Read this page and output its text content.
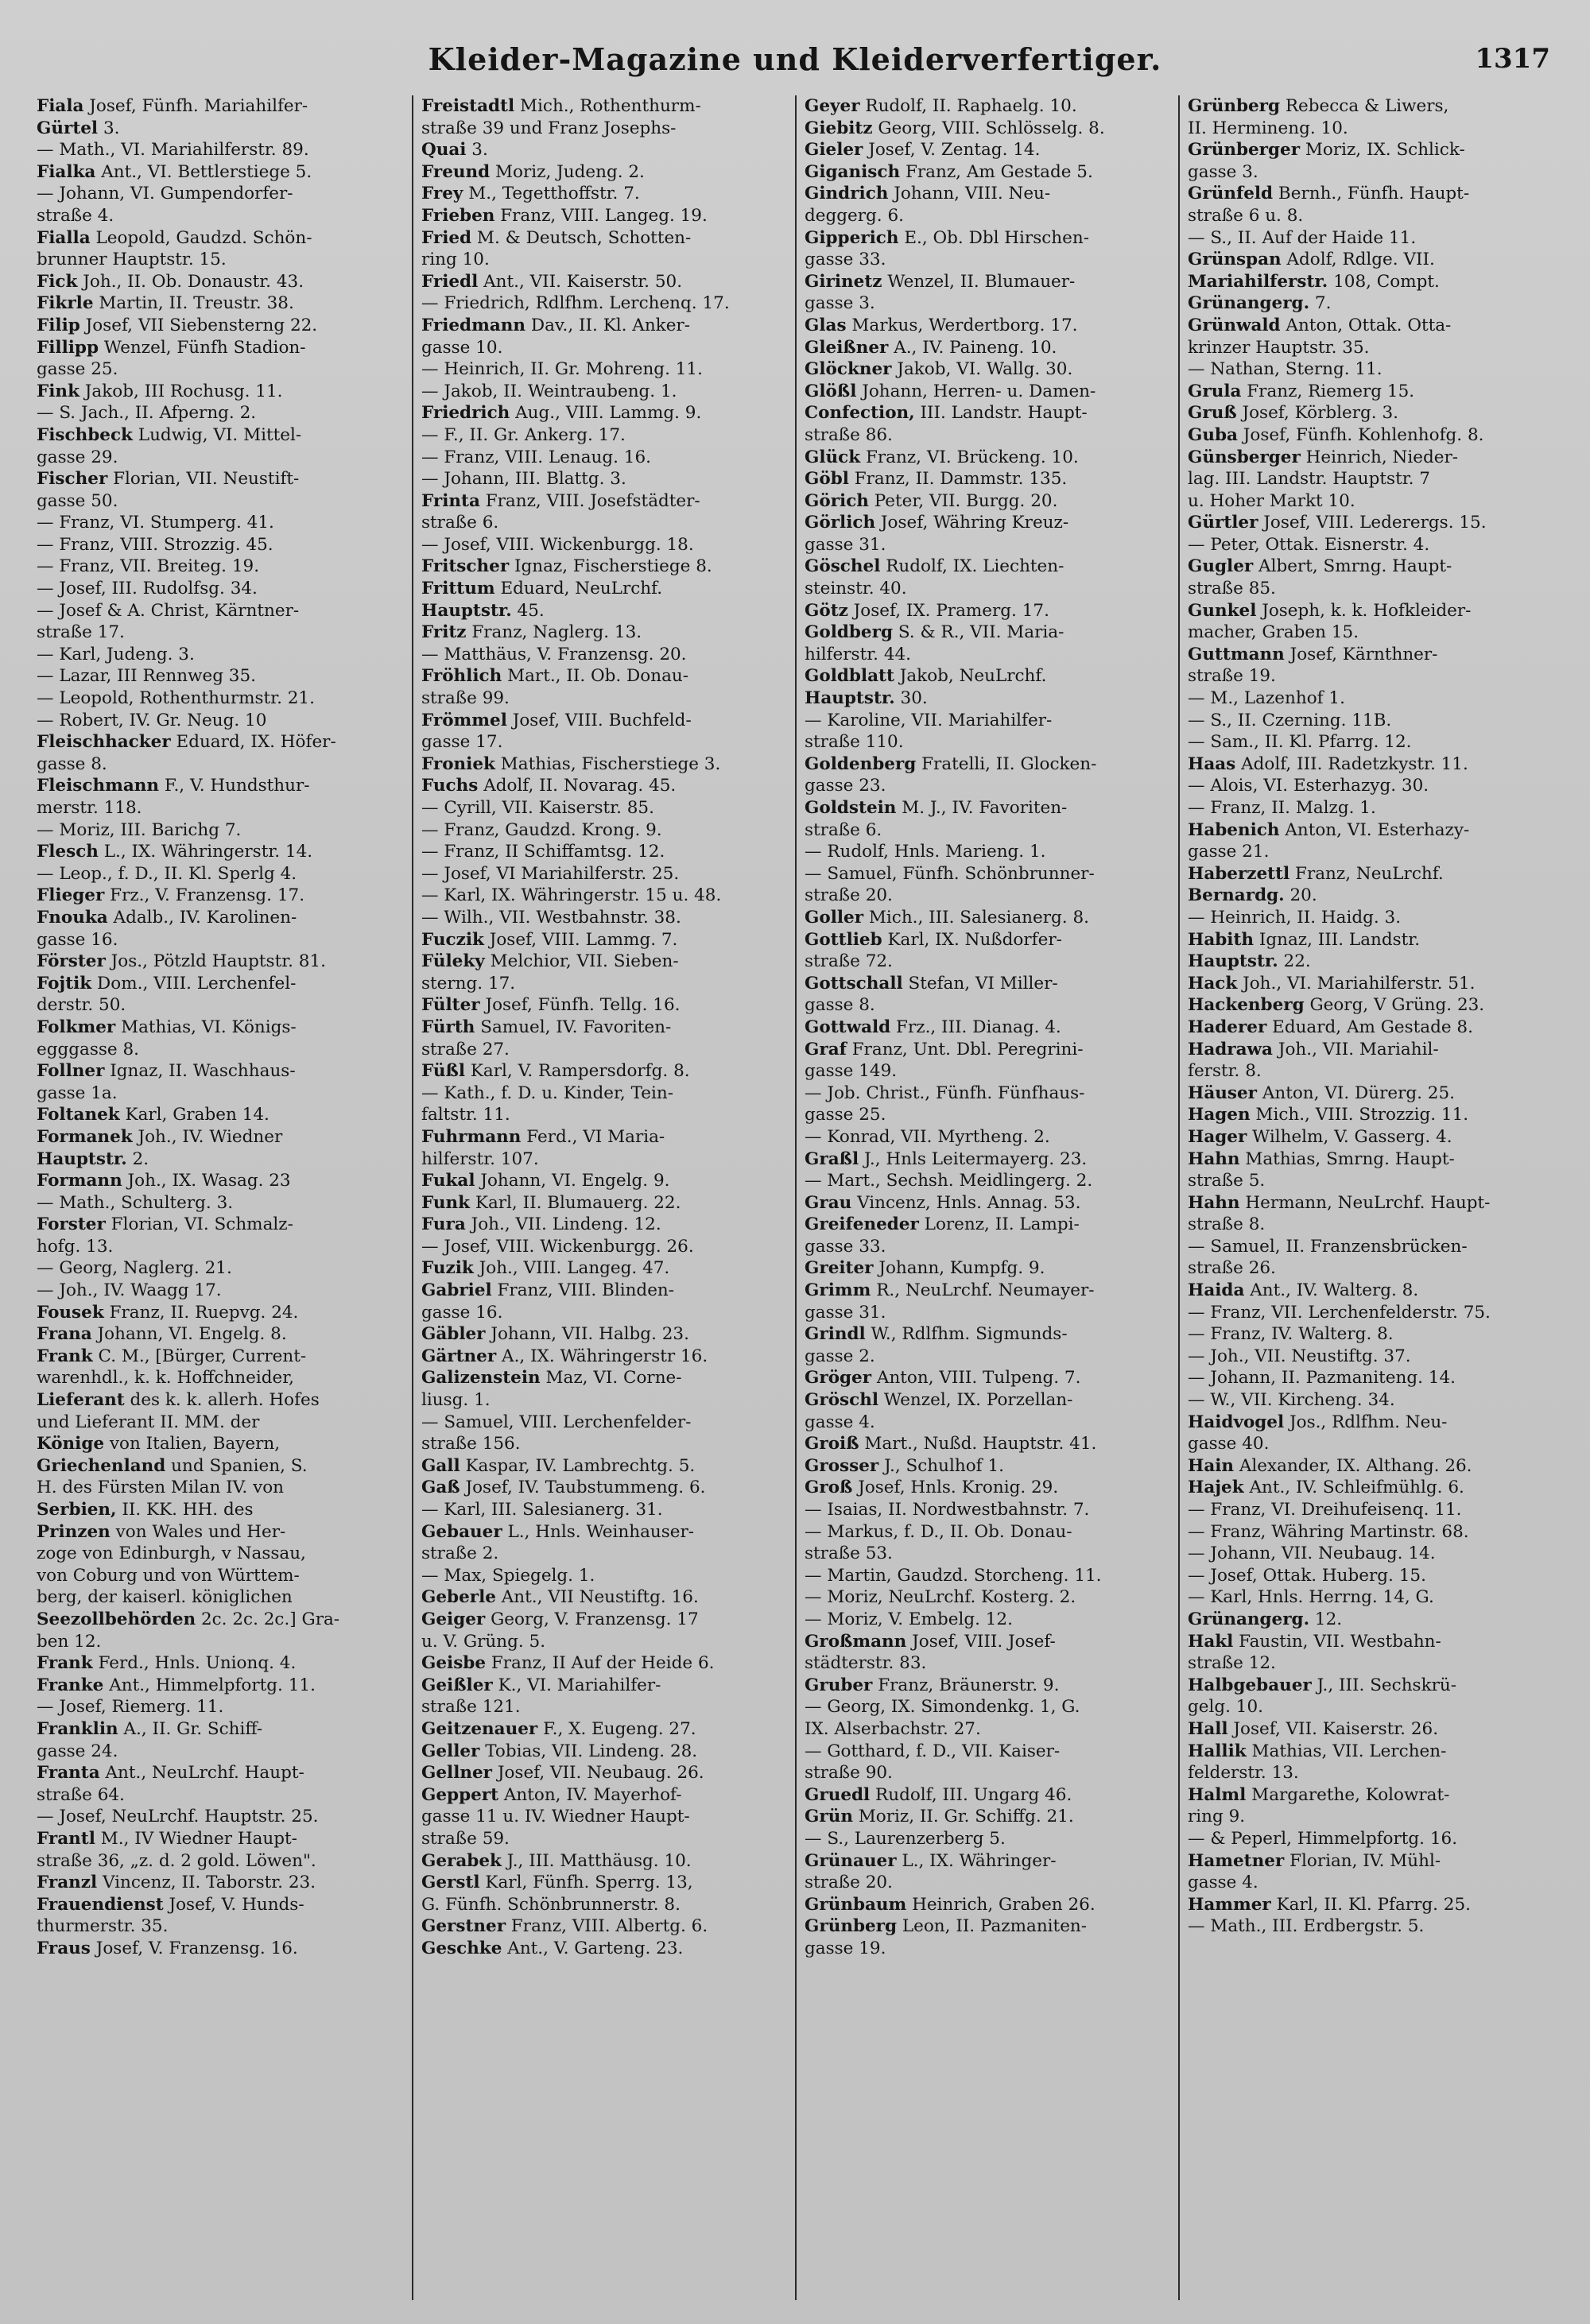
Kleider-Magazine und Kleiderverfertiger.	1317
Fiala Josef, Fünfh. Mariahilfer-
Gürtel 3.
— Math., VI. Mariahilferstr. 89.
Fialka Ant., VI. Bettlerstiege 5.
— Johann, VI. Gumpendorfer-
straße 4.
Fialla Leopold, Gaudzd. Schön-
brunner Hauptstr. 15.
Fick Joh., II. Ob. Donaustr. 43.
Fikrle Martin, II. Treustr. 38.
Filip Josef, VII Siebensterng 22.
Fillipp Wenzel, Fünfh Stadion-
gasse 25.
Fink Jakob, III Rochusg. 11.
— S. Jach., II. Afperng. 2.
Fischbeck Ludwig, VI. Mittel-
gasse 29.
Fischer Florian, VII. Neustift-
gasse 50.
— Franz, VI. Stumperg. 41.
— Franz, VIII. Strozzig. 45.
— Franz, VII. Breiteg. 19.
— Josef, III. Rudolfsg. 34.
— Josef & A. Christ, Kärntner-
straße 17.
— Karl, Judeng. 3.
— Lazar, III Rennweg 35.
— Leopold, Rothenthurmstr. 21.
— Robert, IV. Gr. Neug. 10
Fleischhacker Eduard, IX. Höfer-
gasse 8.
Fleischmann F., V. Hundsthur-
merstr. 118.
— Moriz, III. Barichg 7.
Flesch L., IX. Währingerstr. 14.
— Leop., f. D., II. Kl. Sperlg 4.
Flieger Frz., V. Franzensg. 17.
Fnouka Adalb., IV. Karolinen-
gasse 16.
Förster Jos., Pötzld Hauptstr. 81.
Fojtik Dom., VIII. Lerchenfel-
derstr. 50.
Folkmer Mathias, VI. Königs-
egggasse 8.
Follner Ignaz, II. Waschhaus-
gasse 1a.
Foltanek Karl, Graben 14.
Formanek Joh., IV. Wiedner
Hauptstr. 2.
Formann Joh., IX. Wasag. 23
— Math., Schulterg. 3.
Forster Florian, VI. Schmalz-
hofg. 13.
— Georg, Naglerg. 21.
— Joh., IV. Waagg 17.
Fousek Franz, II. Ruepvg. 24.
Frana Johann, VI. Engelg. 8.
Frank C. M., [Bürger, Current-
warenhdl., k. k. Hoffchneider,
Lieferant des k. k. allerh. Hofes
und Lieferant II. MM. der
Könige von Italien, Bayern,
Griechenland und Spanien, S.
H. des Fürsten Milan IV. von
Serbien, II. KK. HH. des
Prinzen von Wales und Her-
zoge von Edinburgh, v Nassau,
von Coburg und von Württem-
berg, der kaiserl. königlichen
Seezollbehörden 2c. 2c. 2c.] Gra-
ben 12.
Frank Ferd., Hnls. Unionq. 4.
Franke Ant., Himmelpfortg. 11.
— Josef, Riemerg. 11.
Franklin A., II. Gr. Schiff-
gasse 24.
Franta Ant., NeuLrchf. Haupt-
straße 64.
— Josef, NeuLrchf. Hauptstr. 25.
Frantl M., IV Wiedner Haupt-
straße 36, „z. d. 2 gold. Löwen".
Franzl Vincenz, II. Taborstr. 23.
Frauendienst Josef, V. Hunds-
thurmerstr. 35.
Fraus Josef, V. Franzensg. 16.
Freistadtl Mich., Rothenthurm-
straße 39 und Franz Josephs-
Quai 3.
Freund Moriz, Judeng. 2.
Frey M., Tegetthoffstr. 7.
Frieben Franz, VIII. Langeg. 19.
Fried M. & Deutsch, Schotten-
ring 10.
Friedl Ant., VII. Kaiserstr. 50.
— Friedrich, Rdlfhm. Lerchenq. 17.
Friedmann Dav., II. Kl. Anker-
gasse 10.
— Heinrich, II. Gr. Mohreng. 11.
— Jakob, II. Weintraubeng. 1.
Friedrich Aug., VIII. Lammg. 9.
— F., II. Gr. Ankerg. 17.
— Franz, VIII. Lenaug. 16.
— Johann, III. Blattg. 3.
Frinta Franz, VIII. Josefstädter-
straße 6.
— Josef, VIII. Wickenburgg. 18.
Fritscher Ignaz, Fischerstiege 8.
Frittum Eduard, NeuLrchf.
Hauptstr. 45.
Fritz Franz, Naglerg. 13.
— Matthäus, V. Franzensg. 20.
Fröhlich Mart., II. Ob. Donau-
straße 99.
Frömmel Josef, VIII. Buchfeld-
gasse 17.
Froniek Mathias, Fischerstiege 3.
Fuchs Adolf, II. Novarag. 45.
— Cyrill, VII. Kaiserstr. 85.
— Franz, Gaudzd. Krong. 9.
— Franz, II Schiffamtsg. 12.
— Josef, VI Mariahilferstr. 25.
— Karl, IX. Währingerstr. 15 u. 48.
— Wilh., VII. Westbahnstr. 38.
Fuczik Josef, VIII. Lammg. 7.
Füleky Melchior, VII. Sieben-
sterng. 17.
Fülter Josef, Fünfh. Tellg. 16.
Fürth Samuel, IV. Favoriten-
straße 27.
Füßl Karl, V. Rampersdorfg. 8.
— Kath., f. D. u. Kinder, Tein-
faltstr. 11.
Fuhrmann Ferd., VI Maria-
hilferstr. 107.
Fukal Johann, VI. Engelg. 9.
Funk Karl, II. Blumauerg. 22.
Fura Joh., VII. Lindeng. 12.
— Josef, VIII. Wickenburgg. 26.
Fuzik Joh., VIII. Langeg. 47.
Gabriel Franz, VIII. Blinden-
gasse 16.
Gäbler Johann, VII. Halbg. 23.
Gärtner A., IX. Währingerstr 16.
Galizenstein Maz, VI. Corne-
liusg. 1.
— Samuel, VIII. Lerchenfelder-
straße 156.
Gall Kaspar, IV. Lambrechtg. 5.
Gaß Josef, IV. Taubstummeng. 6.
— Karl, III. Salesianerg. 31.
Gebauer L., Hnls. Weinhauser-
straße 2.
— Max, Spiegelg. 1.
Geberle Ant., VII Neustiftg. 16.
Geiger Georg, V. Franzensg. 17
u. V. Grüng. 5.
Geisbe Franz, II Auf der Heide 6.
Geißler K., VI. Mariahilfer-
straße 121.
Geitzenauer F., X. Eugeng. 27.
Geller Tobias, VII. Lindeng. 28.
Gellner Josef, VII. Neubaug. 26.
Geppert Anton, IV. Mayerhof-
gasse 11 u. IV. Wiedner Haupt-
straße 59.
Gerabek J., III. Matthäusg. 10.
Gerstl Karl, Fünfh. Sperrg. 13,
G. Fünfh. Schönbrunnerstr. 8.
Gerstner Franz, VIII. Albertg. 6.
Geschke Ant., V. Garteng. 23.
Geyer Rudolf, II. Raphaelg. 10.
Giebitz Georg, VIII. Schlösselg. 8.
Gieler Josef, V. Zentag. 14.
Giganisch Franz, Am Gestade 5.
Gindrich Johann, VIII. Neu-
deggerg. 6.
Gipperich E., Ob. Dbl Hirschen-
gasse 33.
Girinetz Wenzel, II. Blumauer-
gasse 3.
Glas Markus, Werdertborg. 17.
Gleißner A., IV. Paineng. 10.
Glöckner Jakob, VI. Wallg. 30.
Glößl Johann, Herren- u. Damen-
Confection, III. Landstr. Haupt-
straße 86.
Glück Franz, VI. Brückeng. 10.
Göbl Franz, II. Dammstr. 135.
Görich Peter, VII. Burgg. 20.
Görlich Josef, Währing Kreuz-
gasse 31.
Göschel Rudolf, IX. Liechten-
steinstr. 40.
Götz Josef, IX. Pramerg. 17.
Goldberg S. & R., VII. Maria-
hilferstr. 44.
Goldblatt Jakob, NeuLrchf.
Hauptstr. 30.
— Karoline, VII. Mariahilfer-
straße 110.
Goldenberg Fratelli, II. Glocken-
gasse 23.
Goldstein M. J., IV. Favoriten-
straße 6.
— Rudolf, Hnls. Marieng. 1.
— Samuel, Fünfh. Schönbrunner-
straße 20.
Goller Mich., III. Salesianerg. 8.
Gottlieb Karl, IX. Nußdorfer-
straße 72.
Gottschall Stefan, VI Miller-
gasse 8.
Gottwald Frz., III. Dianag. 4.
Graf Franz, Unt. Dbl. Peregrini-
gasse 149.
— Job. Christ., Fünfh. Fünfhaus-
gasse 25.
— Konrad, VII. Myrtheng. 2.
Graßl J., Hnls Leitermayerg. 23.
— Mart., Sechsh. Meidlingerg. 2.
Grau Vincenz, Hnls. Annag. 53.
Greifeneder Lorenz, II. Lampi-
gasse 33.
Greiter Johann, Kumpfg. 9.
Grimm R., NeuLrchf. Neumayer-
gasse 31.
Grindl W., Rdlfhm. Sigmunds-
gasse 2.
Gröger Anton, VIII. Tulpeng. 7.
Gröschl Wenzel, IX. Porzellan-
gasse 4.
Groiß Mart., Nußd. Hauptstr. 41.
Grosser J., Schulhof 1.
Groß Josef, Hnls. Kronig. 29.
— Isaias, II. Nordwestbahnstr. 7.
— Markus, f. D., II. Ob. Donau-
straße 53.
— Martin, Gaudzd. Storcheng. 11.
— Moriz, NeuLrchf. Kosterg. 2.
— Moriz, V. Embelg. 12.
Großmann Josef, VIII. Josef-
städterstr. 83.
Gruber Franz, Bräunerstr. 9.
— Georg, IX. Simondenkg. 1, G.
IX. Alserbachstr. 27.
— Gotthard, f. D., VII. Kaiser-
straße 90.
Gruedl Rudolf, III. Ungarg 46.
Grün Moriz, II. Gr. Schiffg. 21.
— S., Laurenzerberg 5.
Grünauer L., IX. Währinger-
straße 20.
Grünbaum Heinrich, Graben 26.
Grünberg Leon, II. Pazmaniten-
gasse 19.
Grünberg Rebecca & Liwers,
II. Hermineng. 10.
Grünberger Moriz, IX. Schlick-
gasse 3.
Grünfeld Bernh., Fünfh. Haupt-
straße 6 u. 8.
— S., II. Auf der Haide 11.
Grünspan Adolf, Rdlge. VII.
Mariahilferstr. 108, Compt.
Grünangerg. 7.
Grünwald Anton, Ottak. Otta-
krinzer Hauptstr. 35.
— Nathan, Sterng. 11.
Grula Franz, Riemerg 15.
Gruß Josef, Körblerg. 3.
Guba Josef, Fünfh. Kohlenhofg. 8.
Günsberger Heinrich, Nieder-
lag. III. Landstr. Hauptstr. 7
u. Hoher Markt 10.
Gürtler Josef, VIII. Lederergs. 15.
— Peter, Ottak. Eisnerstr. 4.
Gugler Albert, Smrng. Haupt-
straße 85.
Gunkel Joseph, k. k. Hofkleider-
macher, Graben 15.
Guttmann Josef, Kärnthner-
straße 19.
— M., Lazenhof 1.
— S., II. Czerning. 11B.
— Sam., II. Kl. Pfarrg. 12.
Haas Adolf, III. Radetzkystr. 11.
— Alois, VI. Esterhazyg. 30.
— Franz, II. Malzg. 1.
Habenich Anton, VI. Esterhazy-
gasse 21.
Haberzettl Franz, NeuLrchf.
Bernardg. 20.
— Heinrich, II. Haidg. 3.
Habith Ignaz, III. Landstr.
Hauptstr. 22.
Hack Joh., VI. Mariahilferstr. 51.
Hackenberg Georg, V Grüng. 23.
Haderer Eduard, Am Gestade 8.
Hadrawa Joh., VII. Mariahil-
ferstr. 8.
Häuser Anton, VI. Dürerg. 25.
Hagen Mich., VIII. Strozzig. 11.
Hager Wilhelm, V. Gasserg. 4.
Hahn Mathias, Smrng. Haupt-
straße 5.
Hahn Hermann, NeuLrchf. Haupt-
straße 8.
— Samuel, II. Franzensbrücken-
straße 26.
Haida Ant., IV. Walterg. 8.
— Franz, VII. Lerchenfelderstr. 75.
— Franz, IV. Walterg. 8.
— Joh., VII. Neustiftg. 37.
— Johann, II. Pazmaniteng. 14.
— W., VII. Kircheng. 34.
Haidvogel Jos., Rdlfhm. Neu-
gasse 40.
Hain Alexander, IX. Althang. 26.
Hajek Ant., IV. Schleifmühlg. 6.
— Franz, VI. Dreihufeisenq. 11.
— Franz, Währing Martinstr. 68.
— Johann, VII. Neubaug. 14.
— Josef, Ottak. Huberg. 15.
— Karl, Hnls. Herrng. 14, G.
Grünangerg. 12.
Hakl Faustin, VII. Westbahn-
straße 12.
Halbgebauer J., III. Sechskrü-
gelg. 10.
Hall Josef, VII. Kaiserstr. 26.
Hallik Mathias, VII. Lerchen-
felderstr. 13.
Halml Margarethe, Kolowrat-
ring 9.
— & Peperl, Himmelpfortg. 16.
Hametner Florian, IV. Mühl-
gasse 4.
Hammer Karl, II. Kl. Pfarrg. 25.
— Math., III. Erdbergstr. 5.
